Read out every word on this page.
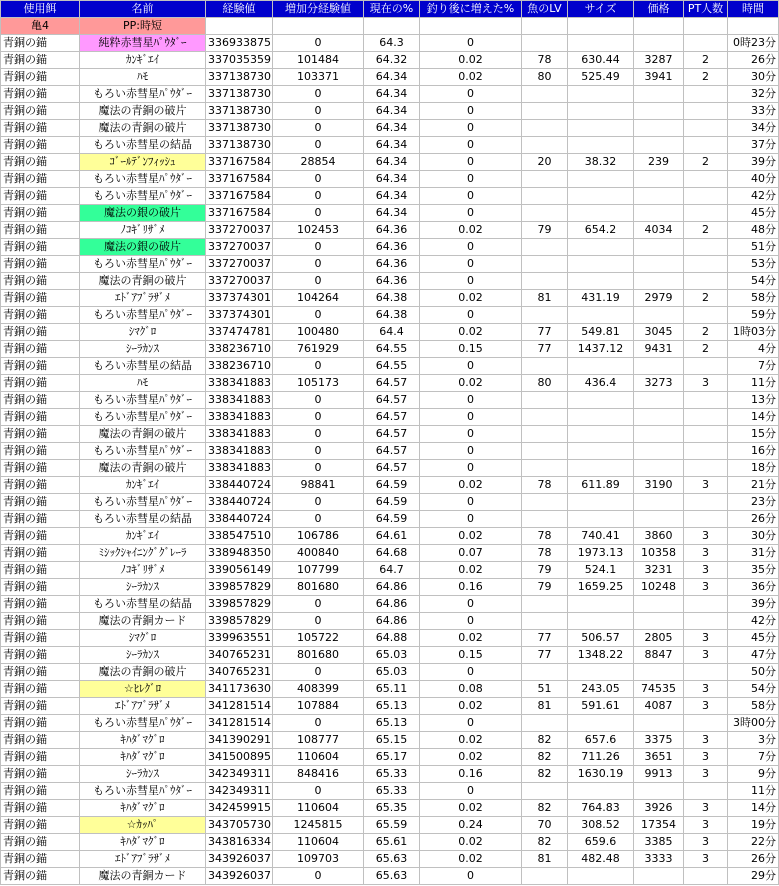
使用餌	名前	経験値	増加分経験値	現在の%	釣り後に増えた%	魚のLV	サイズ	価格	PT人数	時間
亀4	PP:時短									
青銅の錨	純粋赤彗星ﾊﾟｳﾀﾞｰ	336933875	0	64.3	0					0時23分
青銅の錨	ｶﾝｷﾞｴｲ	337035359	101484	64.32	0.02	78	630.44	3287	2	26分
青銅の錨	ﾊﾓ	337138730	103371	64.34	0.02	80	525.49	3941	2	30分
青銅の錨	もろい赤彗星ﾊﾟｳﾀﾞｰ	337138730	0	64.34	0					32分
青銅の錨	魔法の青銅の破片	337138730	0	64.34	0					33分
青銅の錨	魔法の青銅の破片	337138730	0	64.34	0					34分
青銅の錨	もろい赤彗星の結晶	337138730	0	64.34	0					37分
青銅の錨	ｺﾞｰﾙﾃﾞﾝﾌｨｯｼｭ	337167584	28854	64.34	0	20	38.32	239	2	39分
青銅の錨	もろい赤彗星ﾊﾟｳﾀﾞｰ	337167584	0	64.34	0					40分
青銅の錨	もろい赤彗星ﾊﾟｳﾀﾞｰ	337167584	0	64.34	0					42分
青銅の錨	魔法の銀の破片	337167584	0	64.34	0					45分
青銅の錨	ﾉｺｷﾞﾘｻﾞﾒ	337270037	102453	64.36	0.02	79	654.2	4034	2	48分
青銅の錨	魔法の銀の破片	337270037	0	64.36	0					51分
青銅の錨	もろい赤彗星ﾊﾟｳﾀﾞｰ	337270037	0	64.36	0					53分
青銅の錨	魔法の青銅の破片	337270037	0	64.36	0					54分
青銅の錨	ｴﾄﾞｱﾌﾞﾗｻﾞﾒ	337374301	104264	64.38	0.02	81	431.19	2979	2	58分
青銅の錨	もろい赤彗星ﾊﾟｳﾀﾞｰ	337374301	0	64.38	0					59分
青銅の錨	ｼﾏｸﾞﾛ	337474781	100480	64.4	0.02	77	549.81	3045	2	1時03分
青銅の錨	ｼｰﾗｶﾝｽ	338236710	761929	64.55	0.15	77	1437.12	9431	2	4分
青銅の錨	もろい赤彗星の結晶	338236710	0	64.55	0					7分
青銅の錨	ﾊﾓ	338341883	105173	64.57	0.02	80	436.4	3273	3	11分
青銅の錨	もろい赤彗星ﾊﾟｳﾀﾞｰ	338341883	0	64.57	0					13分
青銅の錨	もろい赤彗星ﾊﾟｳﾀﾞｰ	338341883	0	64.57	0					14分
青銅の錨	魔法の青銅の破片	338341883	0	64.57	0					15分
青銅の錨	もろい赤彗星ﾊﾟｳﾀﾞｰ	338341883	0	64.57	0					16分
青銅の錨	魔法の青銅の破片	338341883	0	64.57	0					18分
青銅の錨	ｶﾝｷﾞｴｲ	338440724	98841	64.59	0.02	78	611.89	3190	3	21分
青銅の錨	もろい赤彗星ﾊﾟｳﾀﾞｰ	338440724	0	64.59	0					23分
青銅の錨	もろい赤彗星の結晶	338440724	0	64.59	0					26分
青銅の錨	ｶﾝｷﾞｴｲ	338547510	106786	64.61	0.02	78	740.41	3860	3	30分
青銅の錨	ﾐｼｯｸｼｬｲﾆﾝｸﾞｸﾞﾚｰﾗ	338948350	400840	64.68	0.07	78	1973.13	10358	3	31分
青銅の錨	ﾉｺｷﾞﾘｻﾞﾒ	339056149	107799	64.7	0.02	79	524.1	3231	3	35分
青銅の錨	ｼｰﾗｶﾝｽ	339857829	801680	64.86	0.16	79	1659.25	10248	3	36分
青銅の錨	もろい赤彗星の結晶	339857829	0	64.86	0					39分
青銅の錨	魔法の青銅カード	339857829	0	64.86	0					42分
青銅の錨	ｼﾏｸﾞﾛ	339963551	105722	64.88	0.02	77	506.57	2805	3	45分
青銅の錨	ｼｰﾗｶﾝｽ	340765231	801680	65.03	0.15	77	1348.22	8847	3	47分
青銅の錨	魔法の青銅の破片	340765231	0	65.03	0					50分
青銅の錨	☆ﾋﾚｸﾞﾛ	341173630	408399	65.11	0.08	51	243.05	74535	3	54分
青銅の錨	ｴﾄﾞｱﾌﾞﾗｻﾞﾒ	341281514	107884	65.13	0.02	81	591.61	4087	3	58分
青銅の錨	もろい赤彗星ﾊﾟｳﾀﾞｰ	341281514	0	65.13	0					3時00分
青銅の錨	ｷﾊﾀﾞﾏｸﾞﾛ	341390291	108777	65.15	0.02	82	657.6	3375	3	3分
青銅の錨	ｷﾊﾀﾞﾏｸﾞﾛ	341500895	110604	65.17	0.02	82	711.26	3651	3	7分
青銅の錨	ｼｰﾗｶﾝｽ	342349311	848416	65.33	0.16	82	1630.19	9913	3	9分
青銅の錨	もろい赤彗星ﾊﾟｳﾀﾞｰ	342349311	0	65.33	0					11分
青銅の錨	ｷﾊﾀﾞﾏｸﾞﾛ	342459915	110604	65.35	0.02	82	764.83	3926	3	14分
青銅の錨	☆ｶｯﾊﾟ	343705730	1245815	65.59	0.24	70	308.52	17354	3	19分
青銅の錨	ｷﾊﾀﾞﾏｸﾞﾛ	343816334	110604	65.61	0.02	82	659.6	3385	3	22分
青銅の錨	ｴﾄﾞｱﾌﾞﾗｻﾞﾒ	343926037	109703	65.63	0.02	81	482.48	3333	3	26分
青銅の錨	魔法の青銅カード	343926037	0	65.63	0					29分
